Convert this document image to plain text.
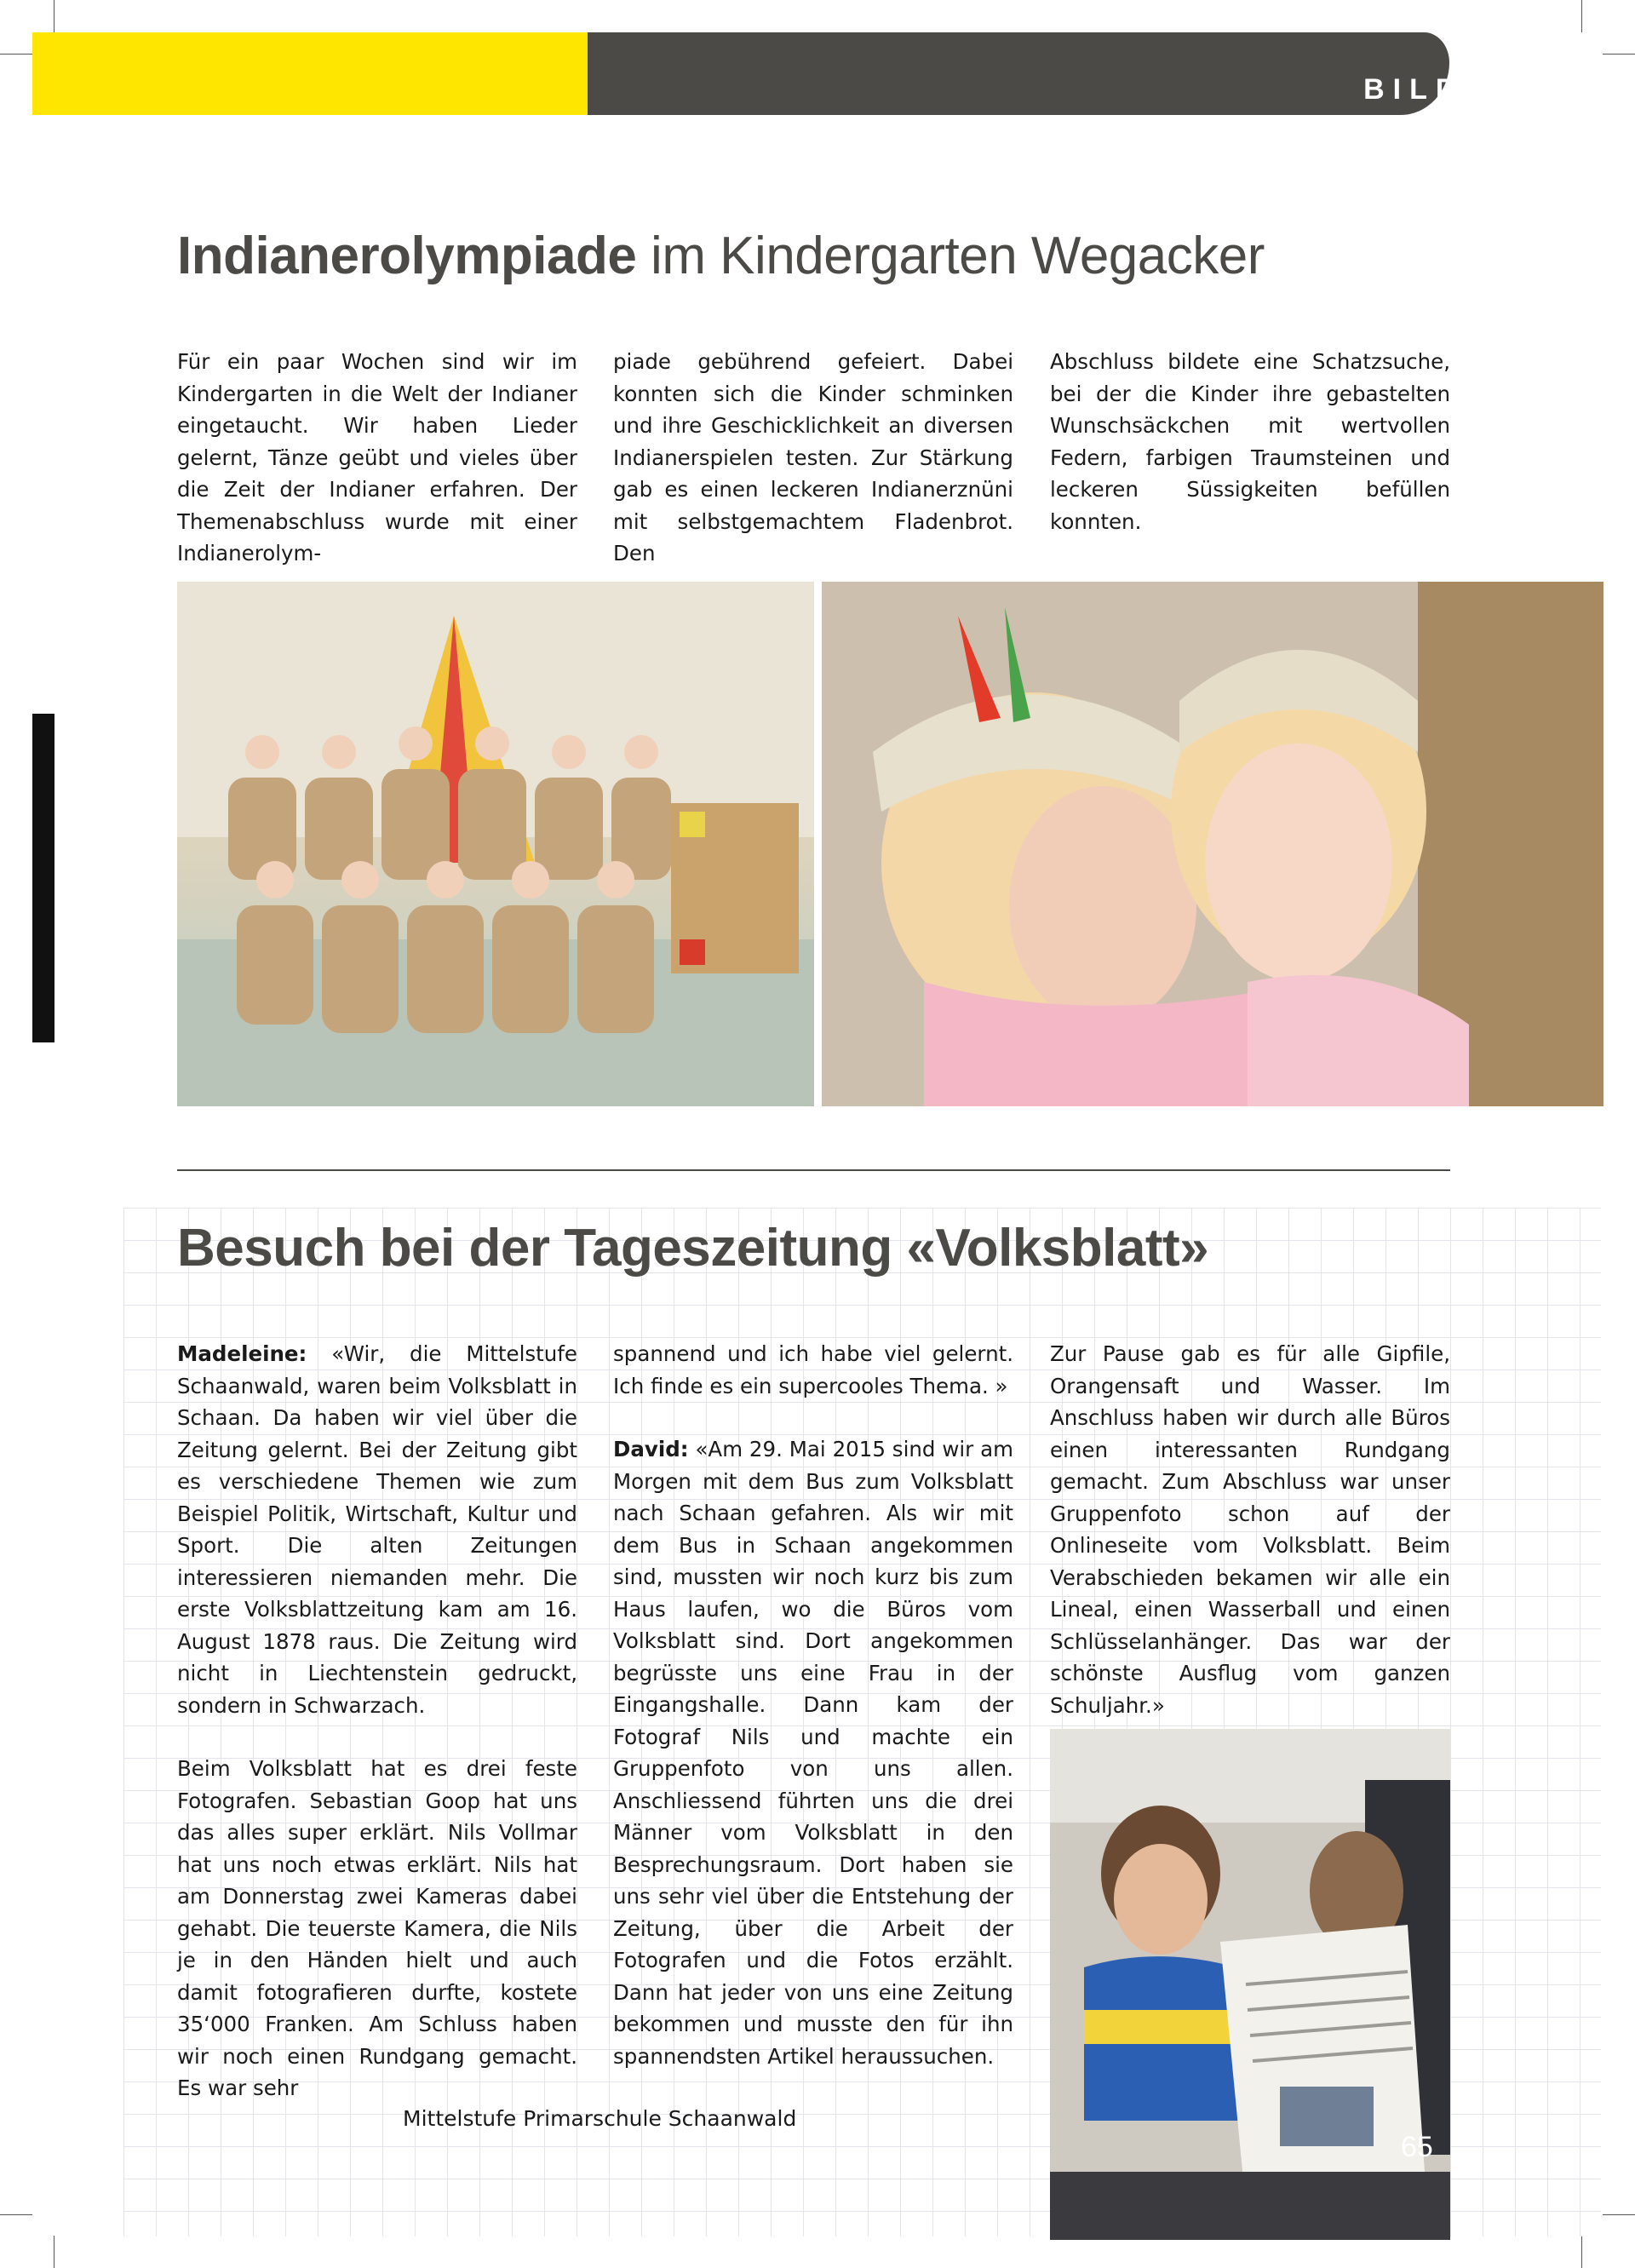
BILDUNG
Indianerolympiade im Kindergarten Wegacker

Für ein paar Wochen sind wir im Kindergarten in die Welt der Indianer eingetaucht. Wir haben Lieder gelernt, Tänze geübt und vieles über die Zeit der Indianer erfahren. Der Themenabschluss wurde mit einer Indianerolym-

piade gebührend gefeiert. Dabei konnten sich die Kinder schminken und ihre Geschicklichkeit an diversen Indianerspielen testen. Zur Stärkung gab es einen leckeren Indianerznüni mit selbstgemachtem Fladenbrot. Den

Abschluss bildete eine Schatzsuche, bei der die Kinder ihre gebastelten Wunschsäckchen mit wertvollen Federn, farbigen Traumsteinen und leckeren Süssigkeiten befüllen konnten.

Besuch bei der Tageszeitung «Volksblatt»

Madeleine: «Wir, die Mittelstufe Schaanwald, waren beim Volksblatt in Schaan. Da haben wir viel über die Zeitung gelernt. Bei der Zeitung gibt es verschiedene Themen wie zum Beispiel Politik, Wirtschaft, Kultur und Sport. Die alten Zeitungen interessieren niemanden mehr. Die erste Volksblattzeitung kam am 16. August 1878 raus. Die Zeitung wird nicht in Liechtenstein gedruckt, sondern in Schwarzach.

Beim Volksblatt hat es drei feste Fotografen. Sebastian Goop hat uns das alles super erklärt. Nils Vollmar hat uns noch etwas erklärt. Nils hat am Donnerstag zwei Kameras dabei gehabt. Die teuerste Kamera, die Nils je in den Händen hielt und auch damit fotografieren durfte, kostete 35‘000 Franken. Am Schluss haben wir noch einen Rundgang gemacht. Es war sehr

spannend und ich habe viel gelernt. Ich finde es ein supercooles Thema. »

David: «Am 29. Mai 2015 sind wir am Morgen mit dem Bus zum Volksblatt nach Schaan gefahren. Als wir mit dem Bus in Schaan angekommen sind, mussten wir noch kurz bis zum Haus laufen, wo die Büros vom Volksblatt sind. Dort angekommen begrüsste uns eine Frau in der Eingangshalle. Dann kam der Fotograf Nils und machte ein Gruppenfoto von uns allen. Anschliessend führten uns die drei Männer vom Volksblatt in den Besprechungsraum. Dort haben sie uns sehr viel über die Entstehung der Zeitung, über die Arbeit der Fotografen und die Fotos erzählt. Dann hat jeder von uns eine Zeitung bekommen und musste den für ihn spannendsten Artikel heraussuchen.

Zur Pause gab es für alle Gipfile, Orangensaft und Wasser. Im Anschluss haben wir durch alle Büros einen interessanten Rundgang gemacht. Zum Abschluss war unser Gruppenfoto schon auf der Onlineseite vom Volksblatt. Beim Verabschieden bekamen wir alle ein Lineal, einen Wasserball und einen Schlüsselanhänger. Das war der schönste Ausflug vom ganzen Schuljahr.»

Mittelstufe Primarschule Schaanwald
65
